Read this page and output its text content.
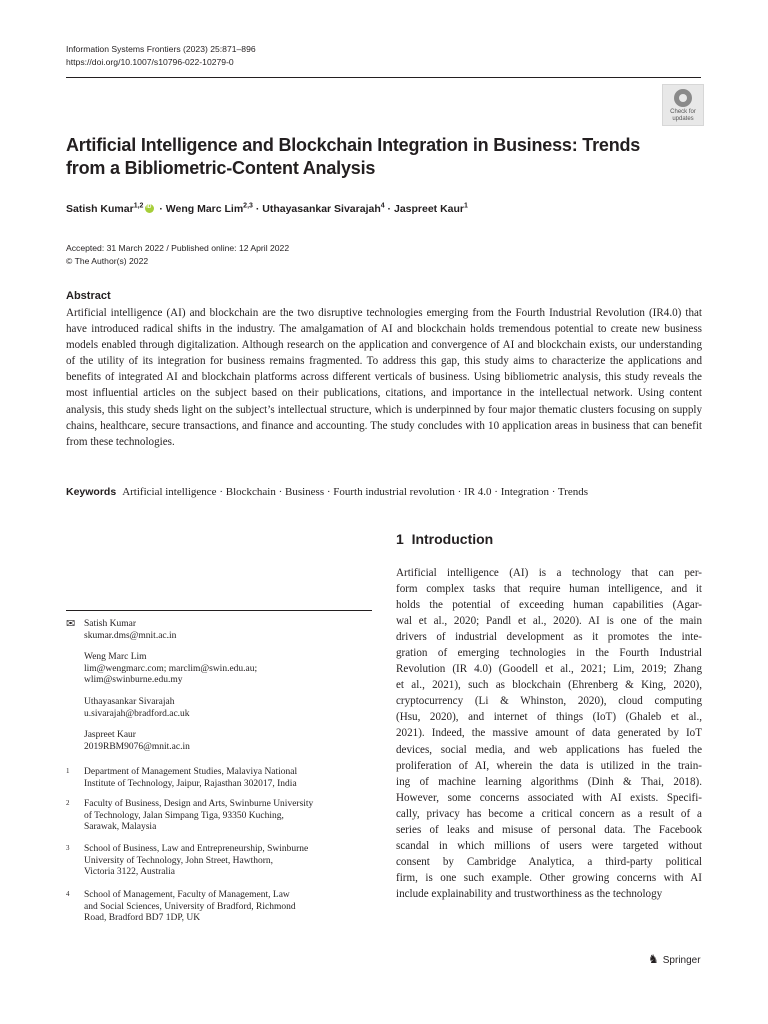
Information Systems Frontiers (2023) 25:871–896
https://doi.org/10.1007/s10796-022-10279-0
Check for
updates
Artificial Intelligence and Blockchain Integration in Business: Trends
from a Bibliometric-Content Analysis
Satish Kumar$^{1,2}$iD · Weng Marc Lim$^{2,3}$ · Uthayasankar Sivarajah$^4$ · Jaspreet Kaur$^1$
Accepted: 31 March 2022 / Published online: 12 April 2022
© The Author(s) 2022
Abstract
Artificial intelligence (AI) and blockchain are the two disruptive technologies emerging from the Fourth Industrial Revolution (IR4.0) that have introduced radical shifts in the industry. The amalgamation of AI and blockchain holds tremendous potential to create new business models enabled through digitalization. Although research on the application and convergence of AI and blockchain exists, our understanding of the utility of its integration for business remains fragmented. To address this gap, this study aims to characterize the applications and benefits of integrated AI and blockchain platforms across different verticals of business. Using bibliometric analysis, this study reveals the most influential articles on the subject based on their publications, citations, and importance in the intellectual network. Using content analysis, this study sheds light on the subject’s intellectual structure, which is underpinned by four major thematic clusters focusing on supply chains, healthcare, secure transactions, and finance and accounting. The study concludes with 10 application areas in business that can benefit from these technologies.
Keywords Artificial intelligence · Blockchain · Business · Fourth industrial revolution · IR 4.0 · Integration · Trends
1 Introduction
Artificial intelligence (AI) is a technology that can per-
form complex tasks that require human intelligence, and it
holds the potential of exceeding human capabilities (Agar-
wal et al., 2020; Pandl et al., 2020). AI is one of the main
drivers of industrial development as it promotes the inte-
gration of emerging technologies in the Fourth Industrial
Revolution (IR 4.0) (Goodell et al., 2021; Lim, 2019; Zhang
et al., 2021), such as blockchain (Ehrenberg & King, 2020),
cryptocurrency (Li & Whinston, 2020), cloud computing
(Hsu, 2020), and internet of things (IoT) (Ghaleb et al.,
2021). Indeed, the massive amount of data generated by IoT
devices, social media, and web applications has fueled the
proliferation of AI, wherein the data is utilized in the train-
ing of machine learning algorithms (Dinh & Thai, 2018).
However, some concerns associated with AI exists. Specifi-
cally, privacy has become a critical concern as a result of a
series of leaks and misuse of personal data. The Facebook
scandal in which millions of users were targeted without
consent by Cambridge Analytica, a third-party political
firm, is one such example. Other growing concerns with AI
include explainability and trustworthiness as the technology
✉ Satish Kumar
skumar.dms@mnit.ac.in
Weng Marc Lim
lim@wengmarc.com; marclim@swin.edu.au;
wlim@swinburne.edu.my
Uthayasankar Sivarajah
u.sivarajah@bradford.ac.uk
Jaspreet Kaur
2019RBM9076@mnit.ac.in
1 Department of Management Studies, Malaviya National
Institute of Technology, Jaipur, Rajasthan 302017, India
2 Faculty of Business, Design and Arts, Swinburne University
of Technology, Jalan Simpang Tiga, 93350 Kuching,
Sarawak, Malaysia
3 School of Business, Law and Entrepreneurship, Swinburne
University of Technology, John Street, Hawthorn,
Victoria 3122, Australia
4 School of Management, Faculty of Management, Law
and Social Sciences, University of Bradford, Richmond
Road, Bradford BD7 1DP, UK
♞ Springer
